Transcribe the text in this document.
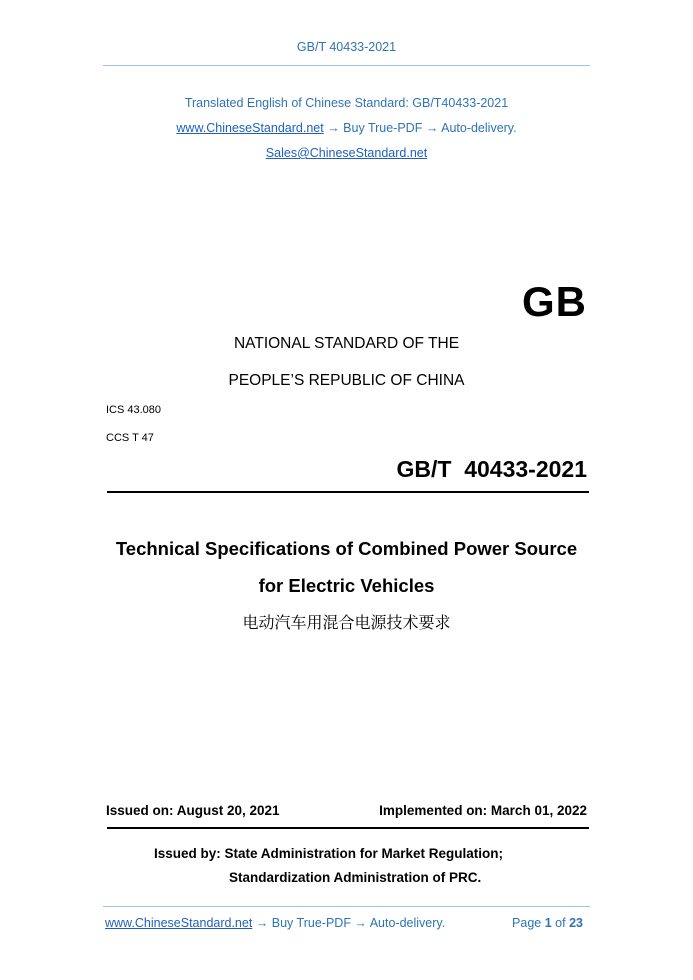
GB/T 40433-2021
Translated English of Chinese Standard: GB/T40433-2021
www.ChineseStandard.net → Buy True-PDF → Auto-delivery.
Sales@ChineseStandard.net
GB
NATIONAL STANDARD OF THE
PEOPLE’S REPUBLIC OF CHINA
ICS 43.080
CCS T 47
GB/T  40433-2021
Technical Specifications of Combined Power Source
for Electric Vehicles
电动汽车用混合电源技术要求
Issued on: August 20, 2021	Implemented on: March 01, 2022
Issued by: State Administration for Market Regulation;
Standardization Administration of PRC.
www.ChineseStandard.net → Buy True-PDF → Auto-delivery.	Page 1 of 23
